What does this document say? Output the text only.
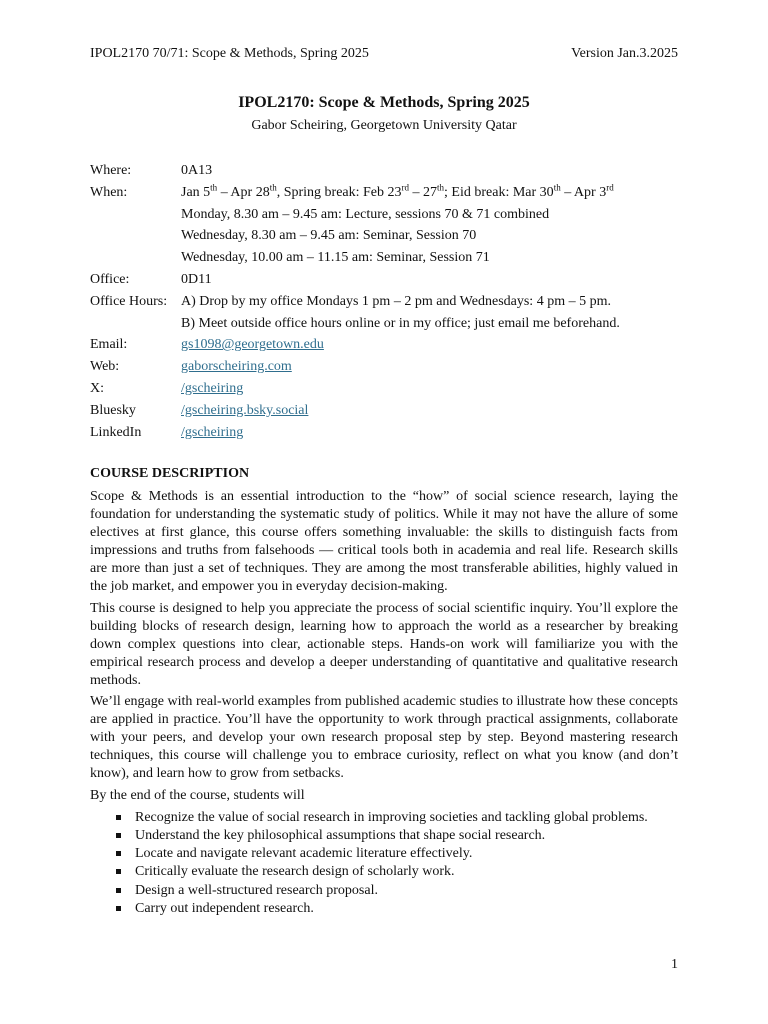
IPOL2170 70/71: Scope & Methods, Spring 2025	Version Jan.3.2025
IPOL2170: Scope & Methods, Spring 2025
Gabor Scheiring, Georgetown University Qatar
Where:	0A13
When:	Jan 5th – Apr 28th, Spring break: Feb 23rd – 27th; Eid break: Mar 30th – Apr 3rd
Monday, 8.30 am – 9.45 am: Lecture, sessions 70 & 71 combined
Wednesday, 8.30 am – 9.45 am: Seminar, Session 70
Wednesday, 10.00 am – 11.15 am: Seminar, Session 71
Office:	0D11
Office Hours: A) Drop by my office Mondays 1 pm – 2 pm and Wednesdays: 4 pm – 5 pm.
B) Meet outside office hours online or in my office; just email me beforehand.
Email:	gs1098@georgetown.edu
Web:	gaborscheiring.com
X:	/gscheiring
Bluesky	/gscheiring.bsky.social
LinkedIn	/gscheiring
COURSE DESCRIPTION

Scope & Methods is an essential introduction to the “how” of social science research, laying the foundation for understanding the systematic study of politics. While it may not have the allure of some electives at first glance, this course offers something invaluable: the skills to distinguish facts from impressions and truths from falsehoods — critical tools both in academia and real life. Research skills are more than just a set of techniques. They are among the most transferable abilities, highly valued in the job market, and empower you in everyday decision-making.

This course is designed to help you appreciate the process of social scientific inquiry. You’ll explore the building blocks of research design, learning how to approach the world as a researcher by breaking down complex questions into clear, actionable steps. Hands-on work will familiarize you with the empirical research process and develop a deeper understanding of quantitative and qualitative research methods.

We’ll engage with real-world examples from published academic studies to illustrate how these concepts are applied in practice. You’ll have the opportunity to work through practical assignments, collaborate with your peers, and develop your own research proposal step by step. Beyond mastering research techniques, this course will challenge you to embrace curiosity, reflect on what you know (and don’t know), and learn how to grow from setbacks.

By the end of the course, students will
Recognize the value of social research in improving societies and tackling global problems.
Understand the key philosophical assumptions that shape social research.
Locate and navigate relevant academic literature effectively.
Critically evaluate the research design of scholarly work.
Design a well-structured research proposal.
Carry out independent research.
1
